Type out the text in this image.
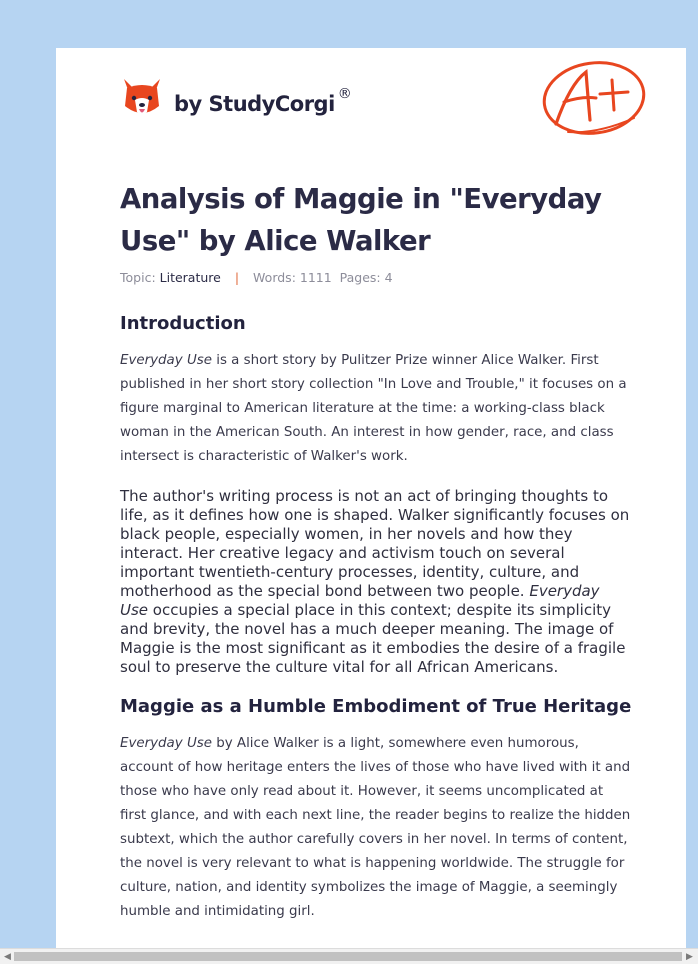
by StudyCorgi ®
Analysis of Maggie in "Everyday Use" by Alice Walker
Topic: Literature | Words: 1111 Pages: 4
Introduction

Everyday Use is a short story by Pulitzer Prize winner Alice Walker. First published in her short story collection "In Love and Trouble," it focuses on a figure marginal to American literature at the time: a working-class black woman in the American South. An interest in how gender, race, and class intersect is characteristic of Walker's work.

The author's writing process is not an act of bringing thoughts to life, as it defines how one is shaped. Walker significantly focuses on black people, especially women, in her novels and how they interact. Her creative legacy and activism touch on several important twentieth-century processes, identity, culture, and motherhood as the special bond between two people. Everyday Use occupies a special place in this context; despite its simplicity and brevity, the novel has a much deeper meaning. The image of Maggie is the most significant as it embodies the desire of a fragile soul to preserve the culture vital for all African Americans.

Maggie as a Humble Embodiment of True Heritage

Everyday Use by Alice Walker is a light, somewhere even humorous, account of how heritage enters the lives of those who have lived with it and those who have only read about it. However, it seems uncomplicated at first glance, and with each next line, the reader begins to realize the hidden subtext, which the author carefully covers in her novel. In terms of content, the novel is very relevant to what is happening worldwide. The struggle for culture, nation, and identity symbolizes the image of Maggie, a seemingly humble and intimidating girl.

◀	▶
